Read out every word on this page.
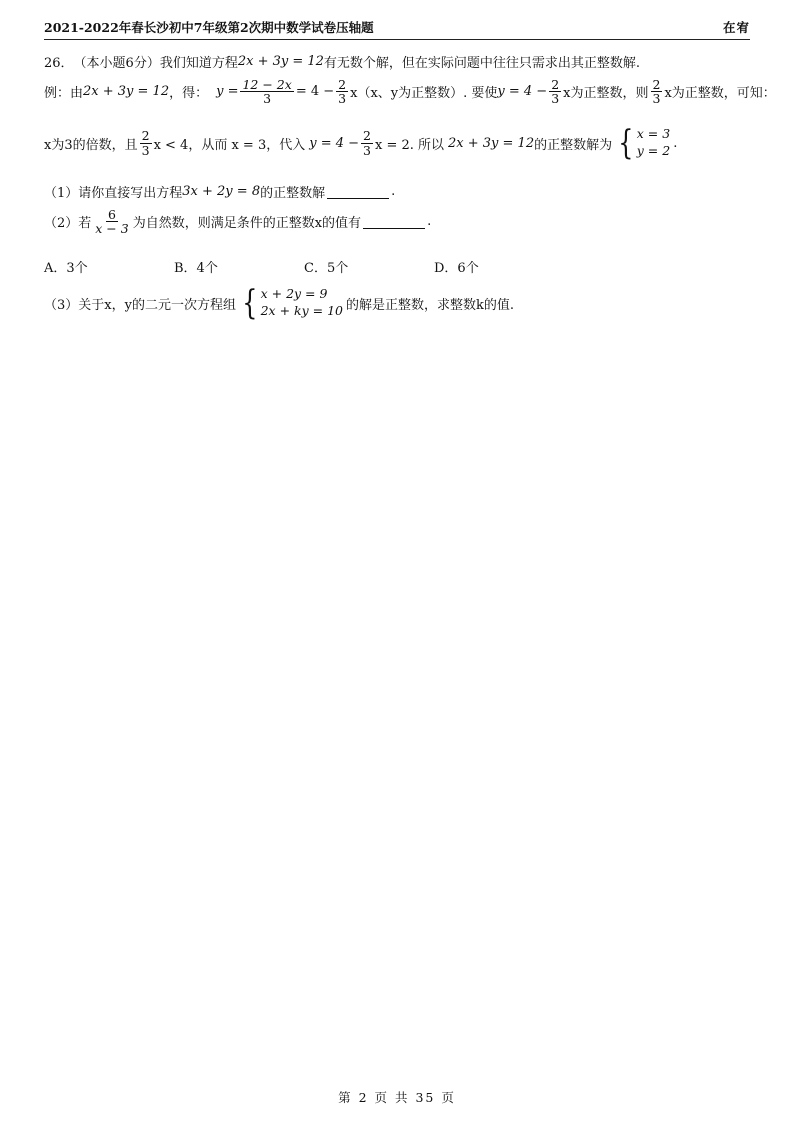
2021-2022年春长沙初中7年级第2次期中数学试卷压轴题	在宥
26． （本小题6分）我们知道方程 2x + 3y = 12 有无数个解，但在实际问题中往往只需求出其正整数解.
例：由 2x + 3y = 12 ，得： $y = \frac{12 - 2x}{3} = 4 - \frac{2}{3} x(x$、y为正整数）. 要使 $y = 4 - \frac{2}{3}$ x为正整数，则 $\frac{2}{3}$ x为正整数，可知：
x为3的倍数，且 $\frac{2}{3}$ x < 4，从而 x = 3，代入 $y = 4 - \frac{2}{3}$ x = 2. 所以 2x + 3y = 12 的正整数解为 { x = 3
y = 2 .
（1）请你直接写出方程 3x + 2y = 8 的正整数解	.
（2）若 $\frac{6}{x - 3}$ 为自然数，则满足条件的正整数x的值有	.
A．3个	B．4个	C．5个	D．6个
（3）关于x，y的二元一次方程组 { x + 2y = 9
2x + ky = 10 的解是正整数，求整数k的值.
第 2 页 共 35 页
